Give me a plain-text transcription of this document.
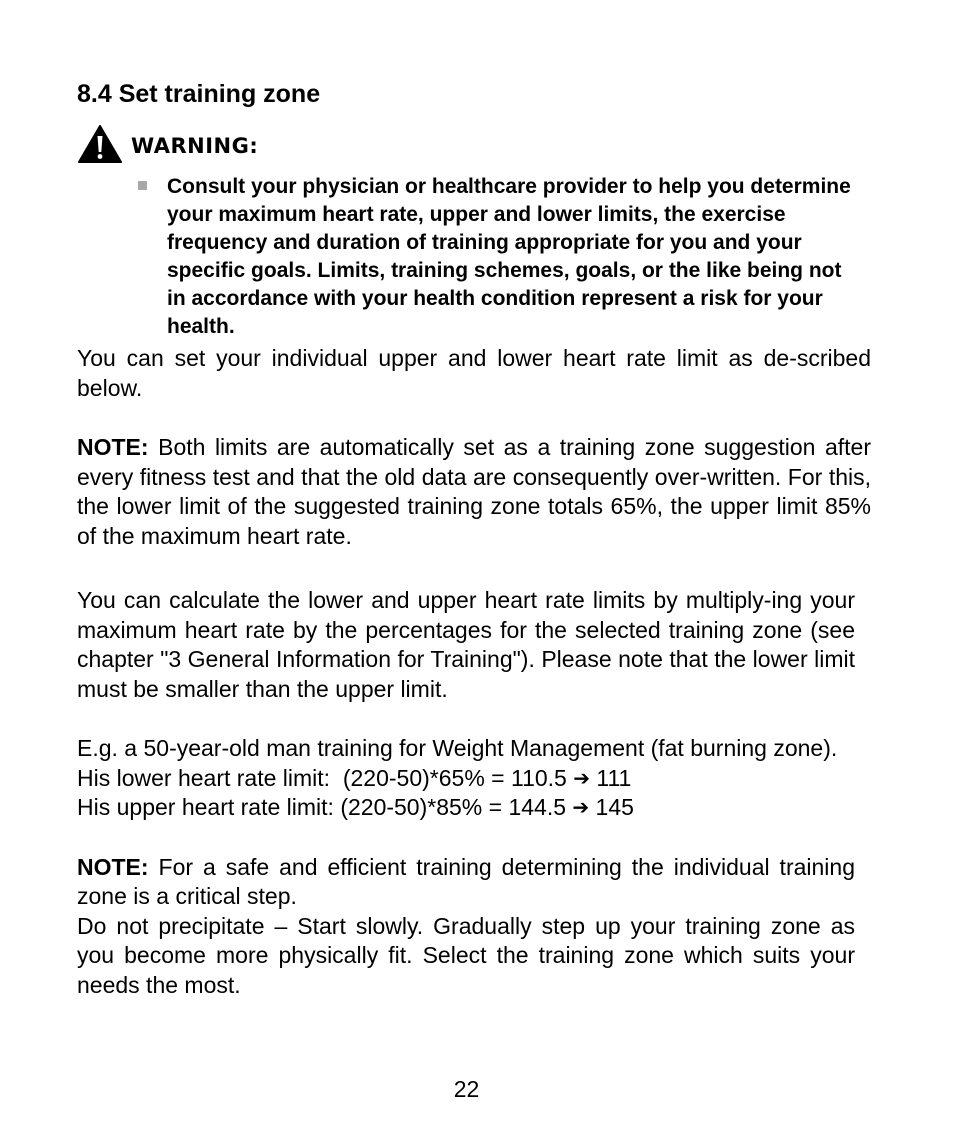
8.4 Set training zone
WARNING:
Consult your physician or healthcare provider to help you determine your maximum heart rate, upper and lower limits, the exercise frequency and duration of training appropriate for you and your specific goals. Limits, training schemes, goals, or the like being not in accordance with your health condition represent a risk for your health.

You can set your individual upper and lower heart rate limit as de-scribed below.

NOTE: Both limits are automatically set as a training zone suggestion after every fitness test and that the old data are consequently over-written. For this, the lower limit of the suggested training zone totals 65%, the upper limit 85% of the maximum heart rate.

You can calculate the lower and upper heart rate limits by multiply-ing your maximum heart rate by the percentages for the selected training zone (see chapter "3 General Information for Training"). Please note that the lower limit must be smaller than the upper limit.

E.g. a 50-year-old man training for Weight Management (fat burning zone).

His lower heart rate limit:  (220-50)*65% = 110.5 ➔ 111
His upper heart rate limit: (220-50)*85% = 144.5 ➔ 145

NOTE: For a safe and efficient training determining the individual training zone is a critical step.

Do not precipitate – Start slowly. Gradually step up your training zone as you become more physically fit. Select the training zone which suits your needs the most.

22
